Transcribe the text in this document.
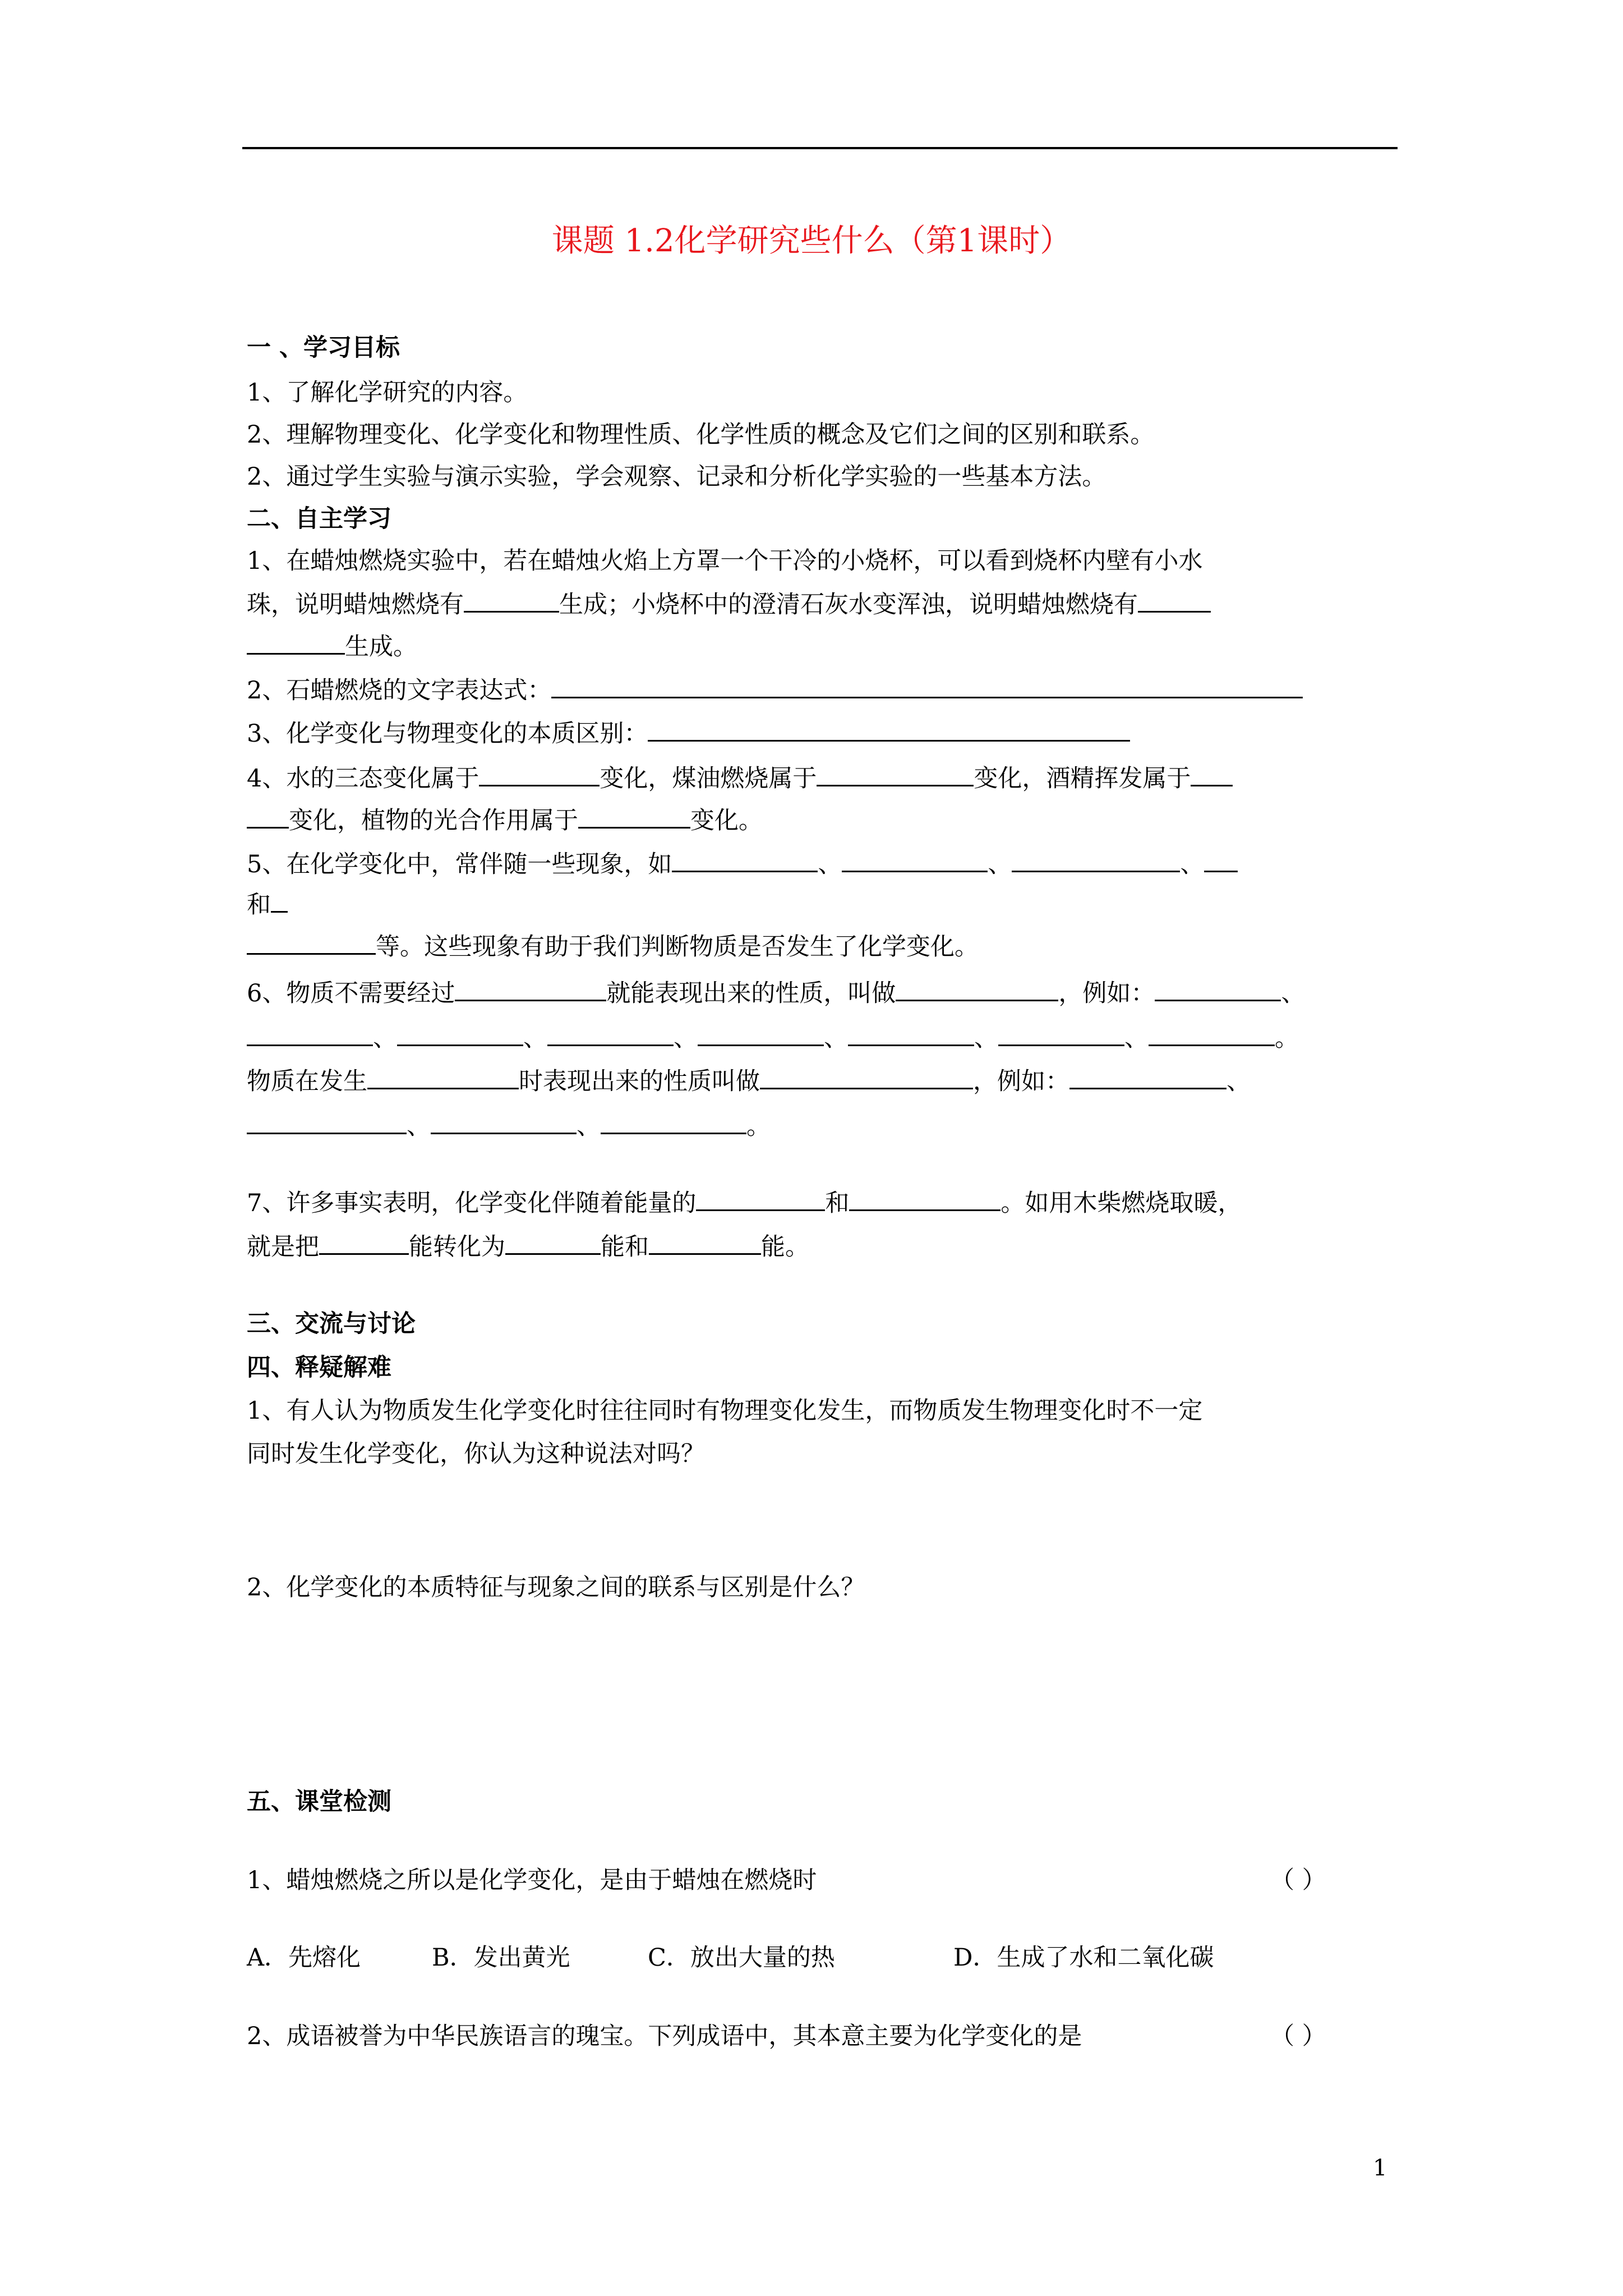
课题 1.2化学研究些什么（第1课时）
一 、学习目标
1、了解化学研究的内容。
2、理解物理变化、化学变化和物理性质、化学性质的概念及它们之间的区别和联系。
2、通过学生实验与演示实验，学会观察、记录和分析化学实验的一些基本方法。
二、自主学习
1、在蜡烛燃烧实验中，若在蜡烛火焰上方罩一个干冷的小烧杯，可以看到烧杯内壁有小水
珠，说明蜡烛燃烧有	生成；小烧杯中的澄清石灰水变浑浊，说明蜡烛燃烧有
生成。
2、石蜡燃烧的文字表达式：
3、化学变化与物理变化的本质区别：
4、水的三态变化属于	变化，煤油燃烧属于	变化，酒精挥发属于
变化，植物的光合作用属于	变化。
5、在化学变化中，常伴随一些现象，如	、	、	、
和
等。这些现象有助于我们判断物质是否发生了化学变化。
6、物质不需要经过	就能表现出来的性质，叫做	，例如：	、
、	、	、	、	、	、	。
物质在发生	时表现出来的性质叫做	，例如：	、
、	、	。
7、许多事实表明，化学变化伴随着能量的	和	。如用木柴燃烧取暖，
就是把	能转化为	能和	能。
三、交流与讨论
四、释疑解难
1、有人认为物质发生化学变化时往往同时有物理变化发生，而物质发生物理变化时不一定
同时发生化学变化，你认为这种说法对吗？
2、化学变化的本质特征与现象之间的联系与区别是什么？
五、课堂检测
1、蜡烛燃烧之所以是化学变化，是由于蜡烛在燃烧时	（ ）
A．先熔化	B．发出黄光	C．放出大量的热	D．生成了水和二氧化碳
2、成语被誉为中华民族语言的瑰宝。下列成语中，其本意主要为化学变化的是	（ ）
1
